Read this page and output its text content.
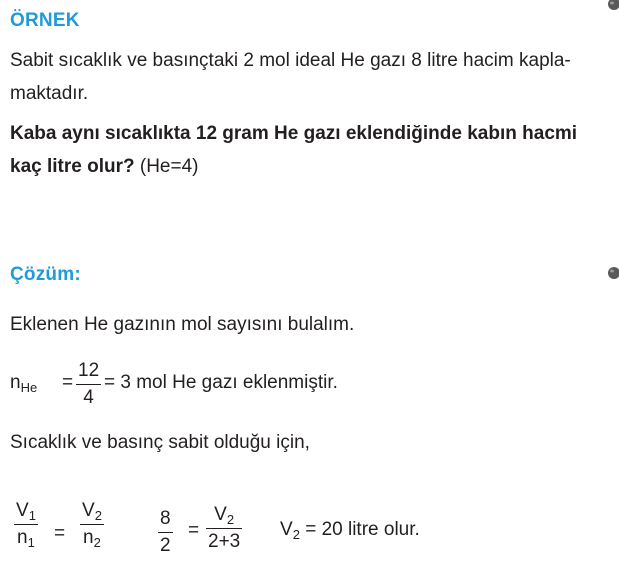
ÖRNEK
Sabit sıcaklık ve basınçtaki 2 mol ideal He gazı 8 litre hacim kapla-
maktadır.
Kaba aynı sıcaklıkta 12 gram He gazı eklendiğinde kabın hacmi
kaç litre olur? (He=4)
Çözüm:
Eklenen He gazının mol sayısını bulalım.
$n_{He}$ =
12
4
= 3 mol He gazı eklenmiştir.
Sıcaklık ve basınç sabit olduğu için,
$V_1$
$n_1$ =
$V_2$
$n_2$
8
2
=
$V_2$
2+3
$V_2 = 20$ litre olur.
